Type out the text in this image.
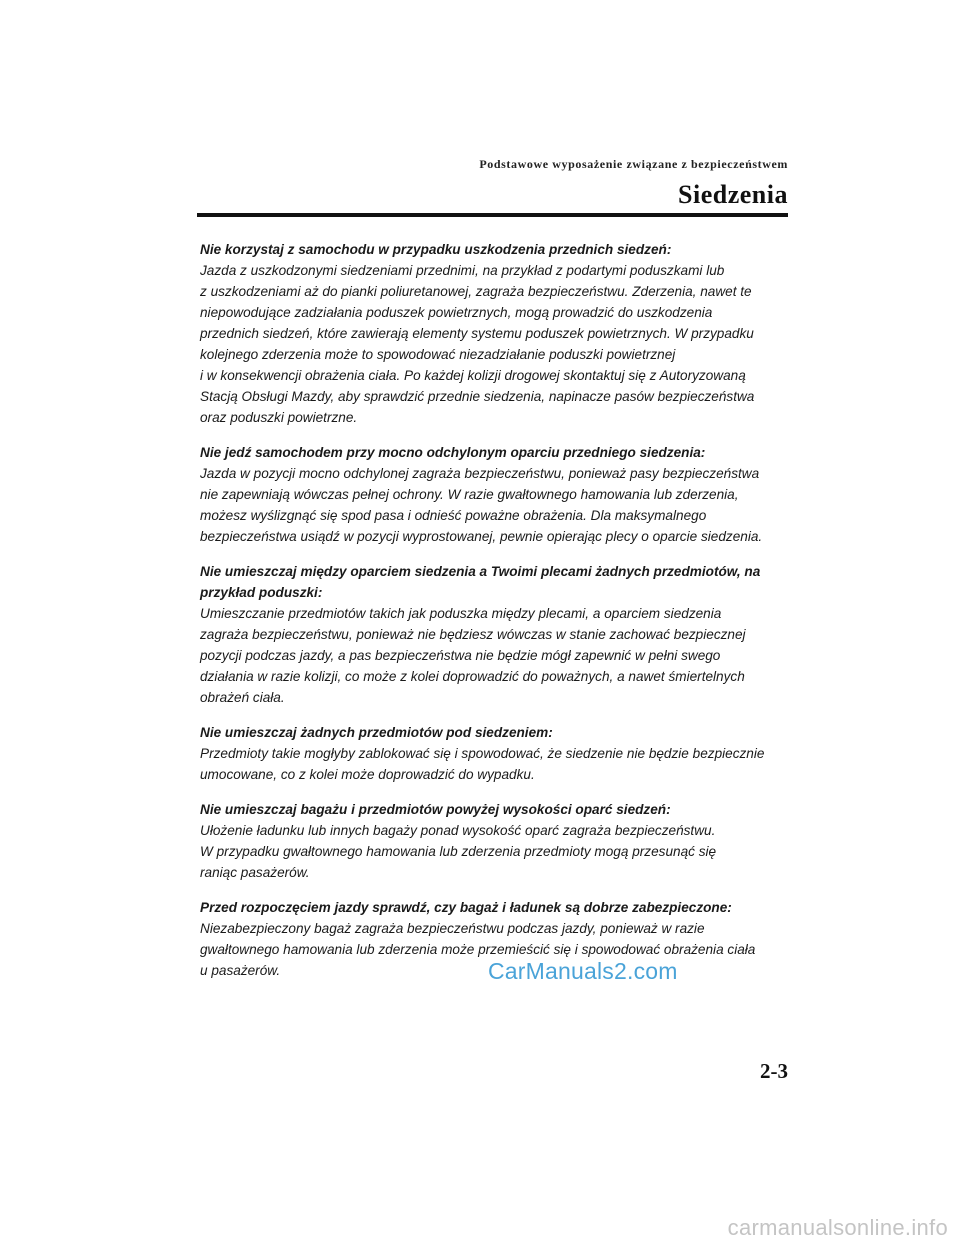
Podstawowe wyposażenie związane z bezpieczeństwem
Siedzenia
Nie korzystaj z samochodu w przypadku uszkodzenia przednich siedzeń:
Jazda z uszkodzonymi siedzeniami przednimi, na przykład z podartymi poduszkami lub
z uszkodzeniami aż do pianki poliuretanowej, zagraża bezpieczeństwu. Zderzenia, nawet te
niepowodujące zadziałania poduszek powietrznych, mogą prowadzić do uszkodzenia
przednich siedzeń, które zawierają elementy systemu poduszek powietrznych. W przypadku
kolejnego zderzenia może to spowodować niezadziałanie poduszki powietrznej
i w konsekwencji obrażenia ciała. Po każdej kolizji drogowej skontaktuj się z Autoryzowaną
Stacją Obsługi Mazdy, aby sprawdzić przednie siedzenia, napinacze pasów bezpieczeństwa
oraz poduszki powietrzne.
Nie jedź samochodem przy mocno odchylonym oparciu przedniego siedzenia:
Jazda w pozycji mocno odchylonej zagraża bezpieczeństwu, ponieważ pasy bezpieczeństwa
nie zapewniają wówczas pełnej ochrony. W razie gwałtownego hamowania lub zderzenia,
możesz wyślizgnąć się spod pasa i odnieść poważne obrażenia. Dla maksymalnego
bezpieczeństwa usiądź w pozycji wyprostowanej, pewnie opierając plecy o oparcie siedzenia.
Nie umieszczaj między oparciem siedzenia a Twoimi plecami żadnych przedmiotów, na przykład poduszki:
Umieszczanie przedmiotów takich jak poduszka między plecami, a oparciem siedzenia
zagraża bezpieczeństwu, ponieważ nie będziesz wówczas w stanie zachować bezpiecznej
pozycji podczas jazdy, a pas bezpieczeństwa nie będzie mógł zapewnić w pełni swego
działania w razie kolizji, co może z kolei doprowadzić do poważnych, a nawet śmiertelnych
obrażeń ciała.
Nie umieszczaj żadnych przedmiotów pod siedzeniem:
Przedmioty takie mogłyby zablokować się i spowodować, że siedzenie nie będzie bezpiecznie
umocowane, co z kolei może doprowadzić do wypadku.
Nie umieszczaj bagażu i przedmiotów powyżej wysokości oparć siedzeń:
Ułożenie ładunku lub innych bagaży ponad wysokość oparć zagraża bezpieczeństwu.
W przypadku gwałtownego hamowania lub zderzenia przedmioty mogą przesunąć się
raniąc pasażerów.
Przed rozpoczęciem jazdy sprawdź, czy bagaż i ładunek są dobrze zabezpieczone:
Niezabezpieczony bagaż zagraża bezpieczeństwu podczas jazdy, ponieważ w razie
gwałtownego hamowania lub zderzenia może przemieścić się i spowodować obrażenia ciała
u pasażerów.	CarManuals2.com
2-3
carmanualsonline.info
